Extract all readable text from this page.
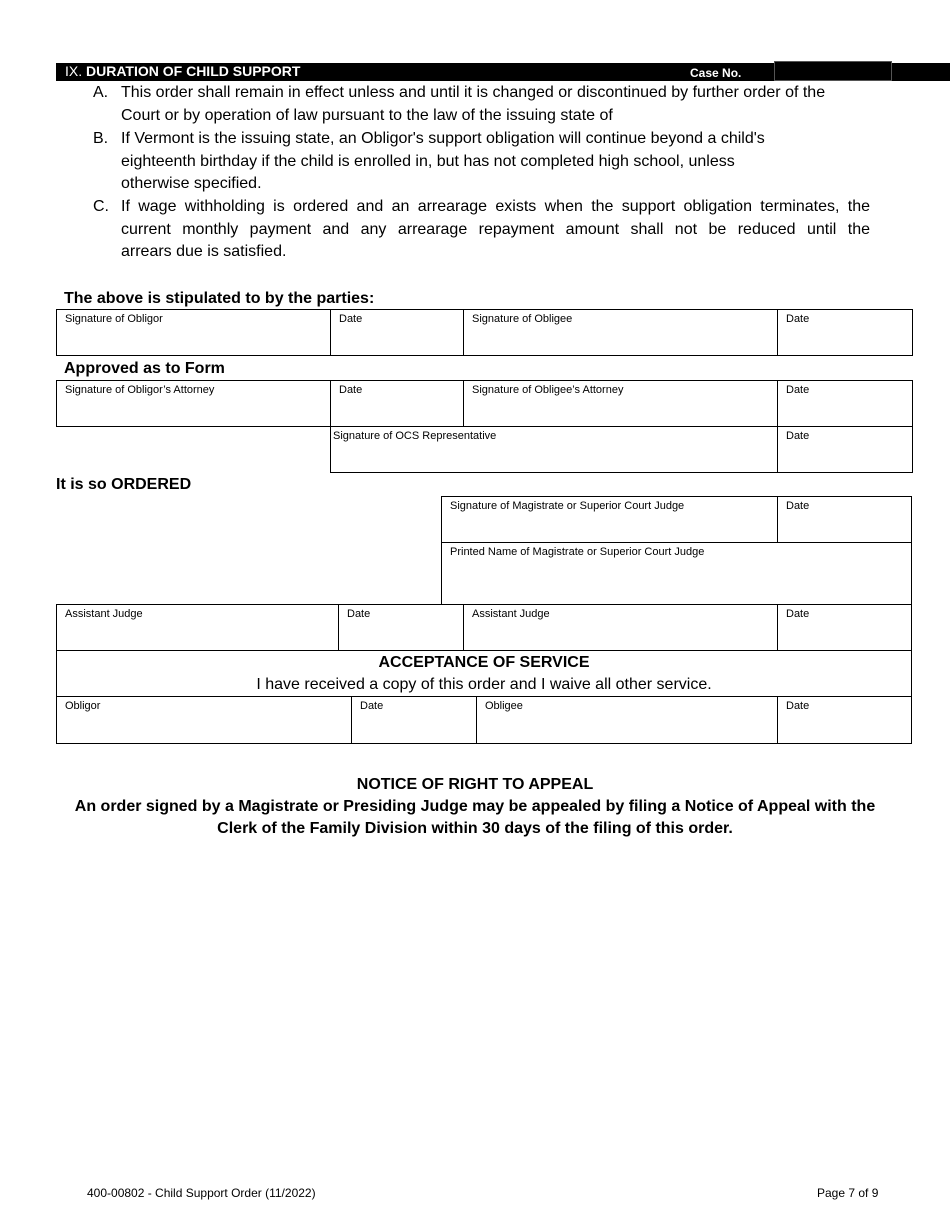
IX. DURATION OF CHILD SUPPORT	Case No.
A. This order shall remain in effect unless and until it is changed or discontinued by further order of the
Court or by operation of law pursuant to the law of the issuing state of
B. If Vermont is the issuing state, an Obligor's support obligation will continue beyond a child's
eighteenth birthday if the child is enrolled in, but has not completed high school, unless
otherwise specified.
C. If wage withholding is ordered and an arrearage exists when the support obligation terminates, the
current monthly payment and any arrearage repayment amount shall not be reduced until the
arrears due is satisfied.
The above is stipulated to by the parties:
Signature of Obligor	Date	Signature of Obligee	Date
Approved as to Form
Signature of Obligor’s Attorney	Date	Signature of Obligee’s Attorney	Date
Signature of OCS Representative	Date
It is so ORDERED
Signature of Magistrate or Superior Court Judge	Date
Printed Name of Magistrate or Superior Court Judge
Assistant Judge	Date	Assistant Judge	Date
ACCEPTANCE OF SERVICE
I have received a copy of this order and I waive all other service.
Obligor	Date	Obligee	Date
NOTICE OF RIGHT TO APPEAL
An order signed by a Magistrate or Presiding Judge may be appealed by filing a Notice of Appeal with the
Clerk of the Family Division within 30 days of the filing of this order.
400-00802 - Child Support Order (11/2022)	Page 7 of 9
